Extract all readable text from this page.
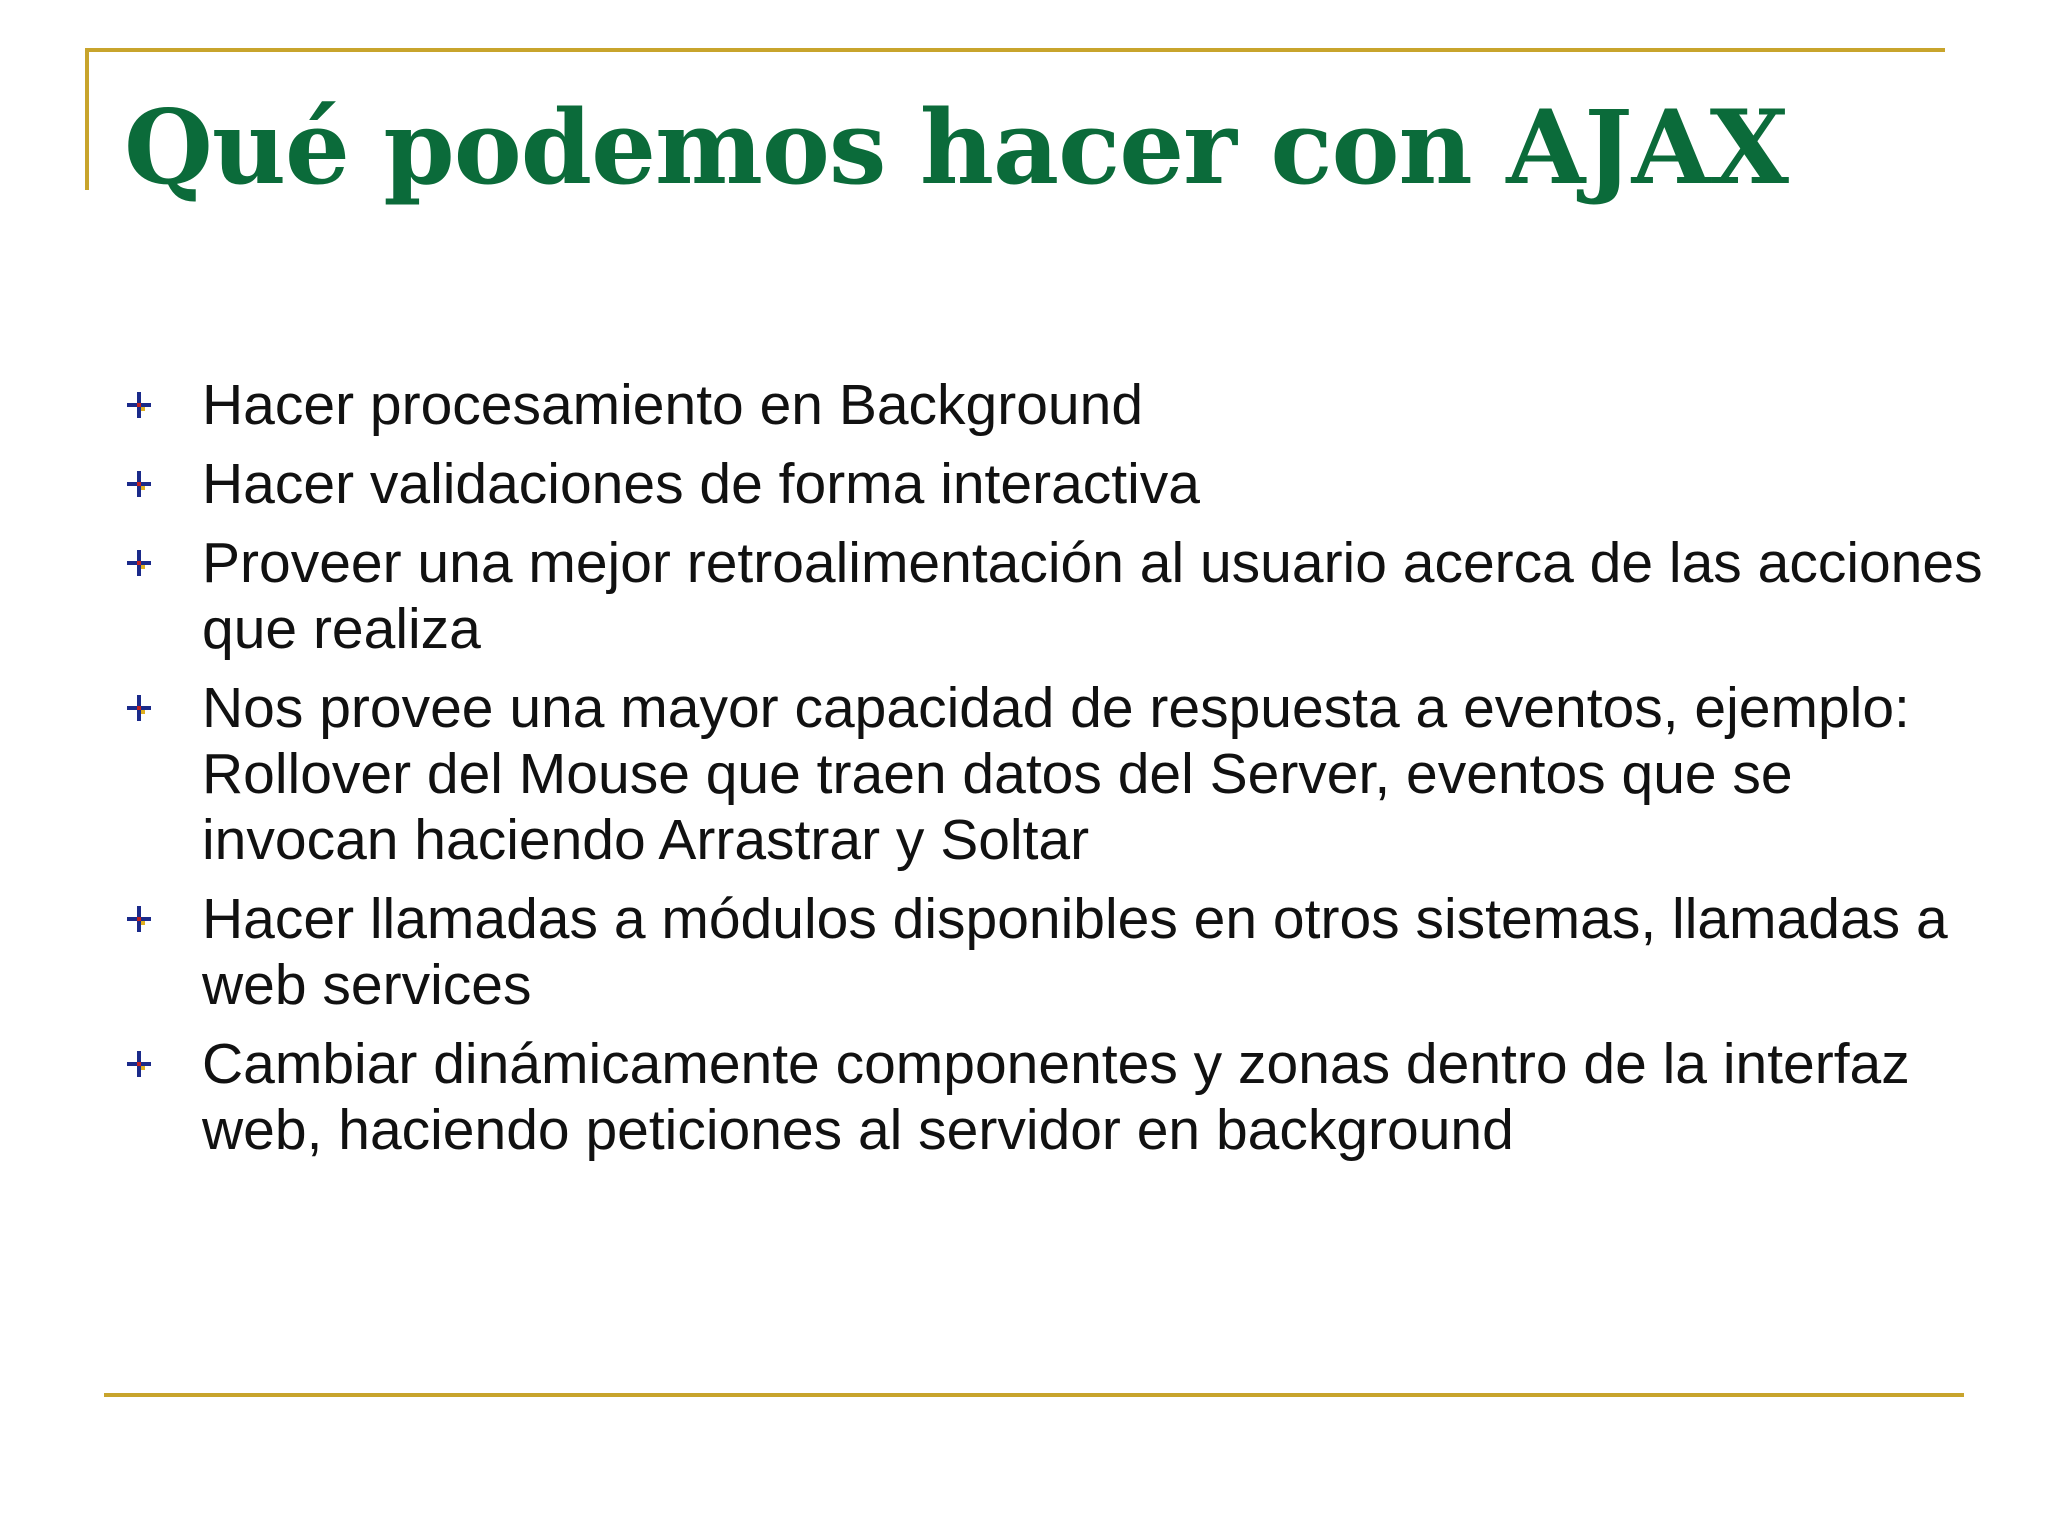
Qué podemos hacer con AJAX
Hacer procesamiento en Background
Hacer validaciones de forma interactiva
Proveer una mejor retroalimentación al usuario acerca de las acciones que realiza
Nos provee una mayor capacidad de respuesta a eventos, ejemplo: Rollover del Mouse que traen datos del Server, eventos que se invocan haciendo Arrastrar y Soltar
Hacer llamadas a módulos disponibles en otros sistemas, llamadas a web services
Cambiar dinámicamente componentes y zonas dentro de la interfaz web, haciendo peticiones al servidor en background
